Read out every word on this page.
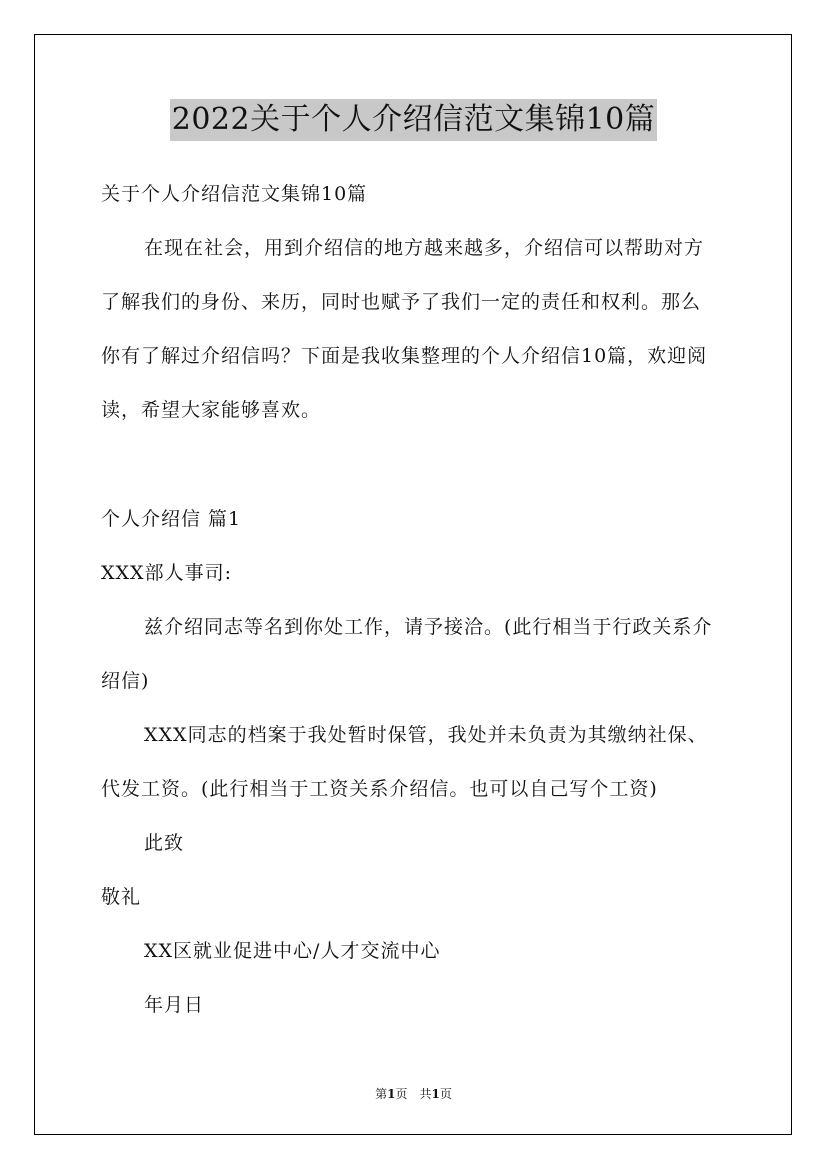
2022关于个人介绍信范文集锦10篇
关于个人介绍信范文集锦10篇
在现在社会，用到介绍信的地方越来越多，介绍信可以帮助对方
了解我们的身份、来历，同时也赋予了我们一定的责任和权利。那么
你有了解过介绍信吗？下面是我收集整理的个人介绍信10篇，欢迎阅
读，希望大家能够喜欢。
个人介绍信 篇1
XXX部人事司:
兹介绍同志等名到你处工作，请予接洽。(此行相当于行政关系介
绍信)
XXX同志的档案于我处暂时保管，我处并未负责为其缴纳社保、
代发工资。(此行相当于工资关系介绍信。也可以自己写个工资)
此致
敬礼
XX区就业促进中心/人才交流中心
年月日
第1页　共1页
